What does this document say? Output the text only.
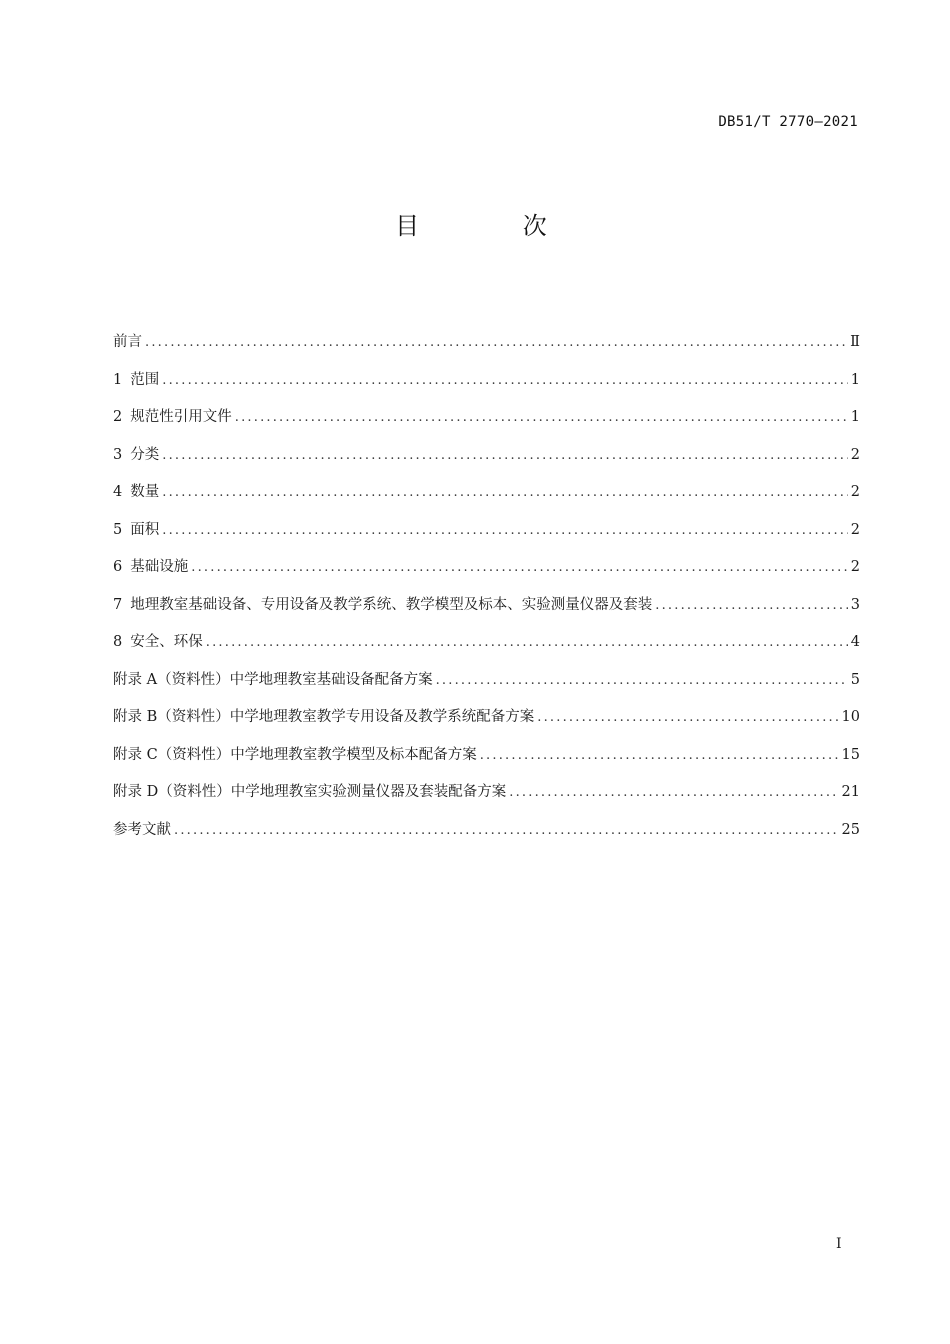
DB51/T 2770—2021
目 次
前言 .....	Ⅱ
1 范围 .....	1
2 规范性引用文件 .....	1
3 分类 .....	2
4 数量 .....	2
5 面积 .....	2
6 基础设施 .....	2
7 地理教室基础设备、专用设备及教学系统、教学模型及标本、实验测量仪器及套装 .....	3
8 安全、环保 .....	4
附录 A（资料性）中学地理教室基础设备配备方案 .....	5
附录 B（资料性）中学地理教室教学专用设备及教学系统配备方案 .....	10
附录 C（资料性）中学地理教室教学模型及标本配备方案 .....	15
附录 D（资料性）中学地理教室实验测量仪器及套装配备方案 .....	21
参考文献 .....	25
I
